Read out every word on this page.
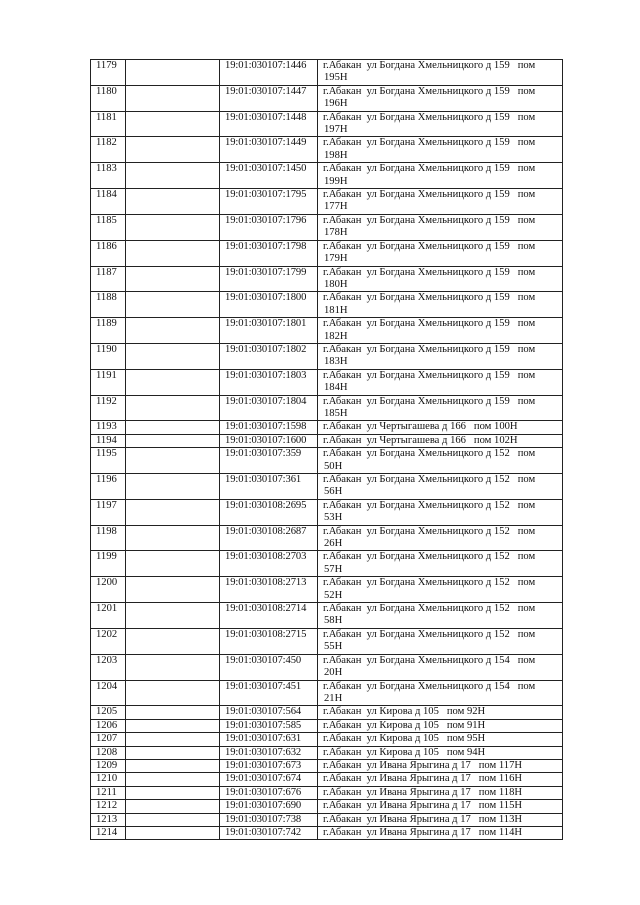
1179		19:01:030107:1446	г.Абакан  ул Богдана Хмельницкого д 159   пом
195Н

1180		19:01:030107:1447	г.Абакан  ул Богдана Хмельницкого д 159   пом
196Н

1181		19:01:030107:1448	г.Абакан  ул Богдана Хмельницкого д 159   пом
197Н

1182		19:01:030107:1449	г.Абакан  ул Богдана Хмельницкого д 159   пом
198Н

1183		19:01:030107:1450	г.Абакан  ул Богдана Хмельницкого д 159   пом
199Н

1184		19:01:030107:1795	г.Абакан  ул Богдана Хмельницкого д 159   пом
177Н

1185		19:01:030107:1796	г.Абакан  ул Богдана Хмельницкого д 159   пом
178Н

1186		19:01:030107:1798	г.Абакан  ул Богдана Хмельницкого д 159   пом
179Н

1187		19:01:030107:1799	г.Абакан  ул Богдана Хмельницкого д 159   пом
180Н

1188		19:01:030107:1800	г.Абакан  ул Богдана Хмельницкого д 159   пом
181Н

1189		19:01:030107:1801	г.Абакан  ул Богдана Хмельницкого д 159   пом
182Н

1190		19:01:030107:1802	г.Абакан  ул Богдана Хмельницкого д 159   пом
183Н

1191		19:01:030107:1803	г.Абакан  ул Богдана Хмельницкого д 159   пом
184Н

1192		19:01:030107:1804	г.Абакан  ул Богдана Хмельницкого д 159   пом
185Н

1193		19:01:030107:1598	г.Абакан  ул Чертыгашева д 166   пом 100Н

1194		19:01:030107:1600	г.Абакан  ул Чертыгашева д 166   пом 102Н

1195		19:01:030107:359	г.Абакан  ул Богдана Хмельницкого д 152   пом
50Н

1196		19:01:030107:361	г.Абакан  ул Богдана Хмельницкого д 152   пом
56Н

1197		19:01:030108:2695	г.Абакан  ул Богдана Хмельницкого д 152   пом
53Н

1198		19:01:030108:2687	г.Абакан  ул Богдана Хмельницкого д 152   пом
26Н

1199		19:01:030108:2703	г.Абакан  ул Богдана Хмельницкого д 152   пом
57Н

1200		19:01:030108:2713	г.Абакан  ул Богдана Хмельницкого д 152   пом
52Н

1201		19:01:030108:2714	г.Абакан  ул Богдана Хмельницкого д 152   пом
58Н

1202		19:01:030108:2715	г.Абакан  ул Богдана Хмельницкого д 152   пом
55Н

1203		19:01:030107:450	г.Абакан  ул Богдана Хмельницкого д 154   пом
20Н

1204		19:01:030107:451	г.Абакан  ул Богдана Хмельницкого д 154   пом
21Н

1205		19:01:030107:564	г.Абакан  ул Кирова д 105   пом 92Н

1206		19:01:030107:585	г.Абакан  ул Кирова д 105   пом 91Н

1207		19:01:030107:631	г.Абакан  ул Кирова д 105   пом 95Н

1208		19:01:030107:632	г.Абакан  ул Кирова д 105   пом 94Н

1209		19:01:030107:673	г.Абакан  ул Ивана Ярыгина д 17   пом 117Н

1210		19:01:030107:674	г.Абакан  ул Ивана Ярыгина д 17   пом 116Н

1211		19:01:030107:676	г.Абакан  ул Ивана Ярыгина д 17   пом 118Н

1212		19:01:030107:690	г.Абакан  ул Ивана Ярыгина д 17   пом 115Н

1213		19:01:030107:738	г.Абакан  ул Ивана Ярыгина д 17   пом 113Н

1214		19:01:030107:742	г.Абакан  ул Ивана Ярыгина д 17   пом 114Н
